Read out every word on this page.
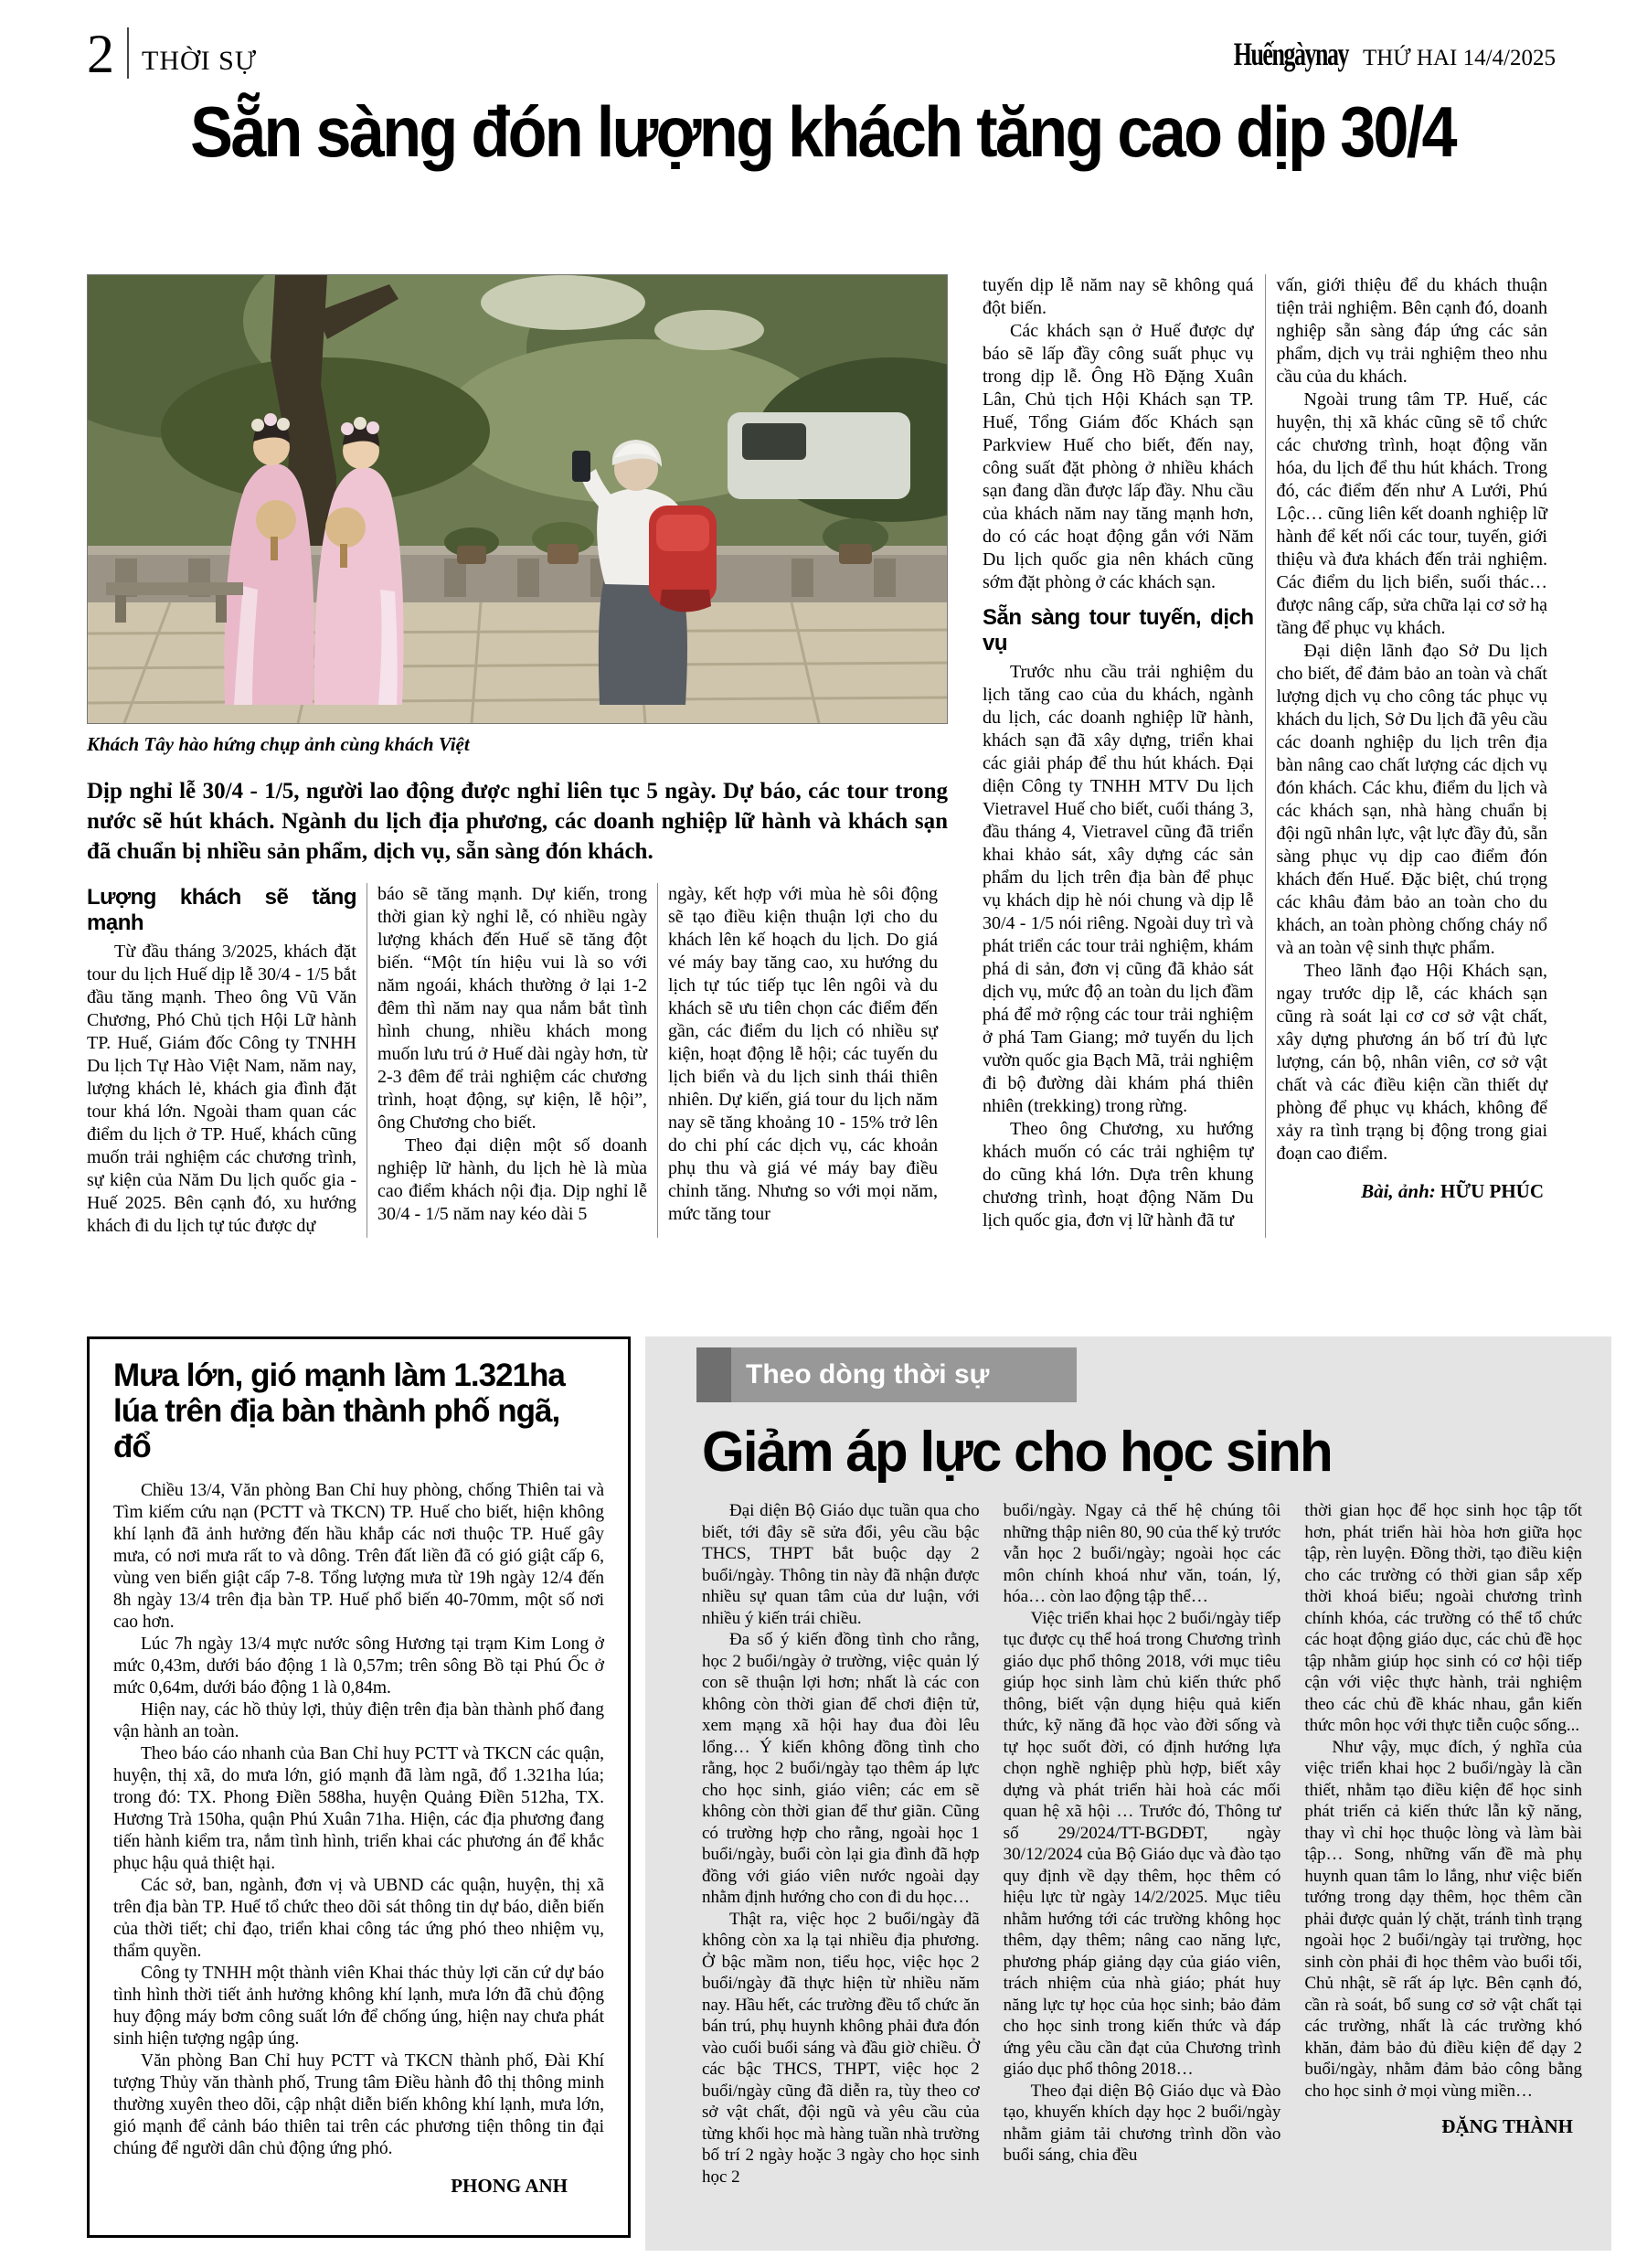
2 THỜI SỰ	Huếngàynay THỨ HAI 14/4/2025
Sẵn sàng đón lượng khách tăng cao dịp 30/4
Khách Tây hào hứng chụp ảnh cùng khách Việt
Dịp nghỉ lễ 30/4 - 1/5, người lao động được nghỉ liên tục 5 ngày. Dự báo, các tour trong nước sẽ hút khách. Ngành du lịch địa phương, các doanh nghiệp lữ hành và khách sạn đã chuẩn bị nhiều sản phẩm, dịch vụ, sẵn sàng đón khách.
Lượng khách sẽ tăng mạnh

Từ đầu tháng 3/2025, khách đặt tour du lịch Huế dịp lễ 30/4 - 1/5 bắt đầu tăng mạnh. Theo ông Vũ Văn Chương, Phó Chủ tịch Hội Lữ hành TP. Huế, Giám đốc Công ty TNHH Du lịch Tự Hào Việt Nam, năm nay, lượng khách lẻ, khách gia đình đặt tour khá lớn. Ngoài tham quan các điểm du lịch ở TP. Huế, khách cũng muốn trải nghiệm các chương trình, sự kiện của Năm Du lịch quốc gia - Huế 2025. Bên cạnh đó, xu hướng khách đi du lịch tự túc được dự

báo sẽ tăng mạnh. Dự kiến, trong thời gian kỳ nghỉ lễ, có nhiều ngày lượng khách đến Huế sẽ tăng đột biến. “Một tín hiệu vui là so với năm ngoái, khách thường ở lại 1-2 đêm thì năm nay qua nắm bắt tình hình chung, nhiều khách mong muốn lưu trú ở Huế dài ngày hơn, từ 2-3 đêm để trải nghiệm các chương trình, hoạt động, sự kiện, lễ hội”, ông Chương cho biết.

Theo đại diện một số doanh nghiệp lữ hành, du lịch hè là mùa cao điểm khách nội địa. Dịp nghỉ lễ 30/4 - 1/5 năm nay kéo dài 5

ngày, kết hợp với mùa hè sôi động sẽ tạo điều kiện thuận lợi cho du khách lên kế hoạch du lịch. Do giá vé máy bay tăng cao, xu hướng du lịch tự túc tiếp tục lên ngôi và du khách sẽ ưu tiên chọn các điểm đến gần, các điểm du lịch có nhiều sự kiện, hoạt động lễ hội; các tuyến du lịch biển và du lịch sinh thái thiên nhiên. Dự kiến, giá tour du lịch năm nay sẽ tăng khoảng 10 - 15% trở lên do chi phí các dịch vụ, các khoản phụ thu và giá vé máy bay điều chỉnh tăng. Nhưng so với mọi năm, mức tăng tour

tuyến dịp lễ năm nay sẽ không quá đột biến.

Các khách sạn ở Huế được dự báo sẽ lấp đầy công suất phục vụ trong dịp lễ. Ông Hồ Đặng Xuân Lân, Chủ tịch Hội Khách sạn TP. Huế, Tổng Giám đốc Khách sạn Parkview Huế cho biết, đến nay, công suất đặt phòng ở nhiều khách sạn đang dần được lấp đầy. Nhu cầu của khách năm nay tăng mạnh hơn, do có các hoạt động gắn với Năm Du lịch quốc gia nên khách cũng sớm đặt phòng ở các khách sạn.

Sẵn sàng tour tuyến, dịch vụ

Trước nhu cầu trải nghiệm du lịch tăng cao của du khách, ngành du lịch, các doanh nghiệp lữ hành, khách sạn đã xây dựng, triển khai các giải pháp để thu hút khách. Đại diện Công ty TNHH MTV Du lịch Vietravel Huế cho biết, cuối tháng 3, đầu tháng 4, Vietravel cũng đã triển khai khảo sát, xây dựng các sản phẩm du lịch trên địa bàn để phục vụ khách dịp hè nói chung và dịp lễ 30/4 - 1/5 nói riêng. Ngoài duy trì và phát triển các tour trải nghiệm, khám phá di sản, đơn vị cũng đã khảo sát dịch vụ, mức độ an toàn du lịch đầm phá để mở rộng các tour trải nghiệm ở phá Tam Giang; mở tuyến du lịch vườn quốc gia Bạch Mã, trải nghiệm đi bộ đường dài khám phá thiên nhiên (trekking) trong rừng.

Theo ông Chương, xu hướng khách muốn có các trải nghiệm tự do cũng khá lớn. Dựa trên khung chương trình, hoạt động Năm Du lịch quốc gia, đơn vị lữ hành đã tư

vấn, giới thiệu để du khách thuận tiện trải nghiệm. Bên cạnh đó, doanh nghiệp sẵn sàng đáp ứng các sản phẩm, dịch vụ trải nghiệm theo nhu cầu của du khách.

Ngoài trung tâm TP. Huế, các huyện, thị xã khác cũng sẽ tổ chức các chương trình, hoạt động văn hóa, du lịch để thu hút khách. Trong đó, các điểm đến như A Lưới, Phú Lộc… cũng liên kết doanh nghiệp lữ hành để kết nối các tour, tuyến, giới thiệu và đưa khách đến trải nghiệm. Các điểm du lịch biển, suối thác… được nâng cấp, sửa chữa lại cơ sở hạ tầng để phục vụ khách.

Đại diện lãnh đạo Sở Du lịch cho biết, để đảm bảo an toàn và chất lượng dịch vụ cho công tác phục vụ khách du lịch, Sở Du lịch đã yêu cầu các doanh nghiệp du lịch trên địa bàn nâng cao chất lượng các dịch vụ đón khách. Các khu, điểm du lịch và các khách sạn, nhà hàng chuẩn bị đội ngũ nhân lực, vật lực đầy đủ, sẵn sàng phục vụ dịp cao điểm đón khách đến Huế. Đặc biệt, chú trọng các khâu đảm bảo an toàn cho du khách, an toàn phòng chống cháy nổ và an toàn vệ sinh thực phẩm.

Theo lãnh đạo Hội Khách sạn, ngay trước dịp lễ, các khách sạn cũng rà soát lại cơ cơ sở vật chất, xây dựng phương án bố trí đủ lực lượng, cán bộ, nhân viên, cơ sở vật chất và các điều kiện cần thiết dự phòng để phục vụ khách, không để xảy ra tình trạng bị động trong giai đoạn cao điểm.

Bài, ảnh: HỮU PHÚC
Mưa lớn, gió mạnh làm 1.321ha lúa trên địa bàn thành phố ngã, đổ

Chiều 13/4, Văn phòng Ban Chỉ huy phòng, chống Thiên tai và Tìm kiếm cứu nạn (PCTT và TKCN) TP. Huế cho biết, hiện không khí lạnh đã ảnh hưởng đến hầu khắp các nơi thuộc TP. Huế gây mưa, có nơi mưa rất to và dông. Trên đất liền đã có gió giật cấp 6, vùng ven biển giật cấp 7-8. Tổng lượng mưa từ 19h ngày 12/4 đến 8h ngày 13/4 trên địa bàn TP. Huế phổ biến 40-70mm, một số nơi cao hơn.

Lúc 7h ngày 13/4 mực nước sông Hương tại trạm Kim Long ở mức 0,43m, dưới báo động 1 là 0,57m; trên sông Bồ tại Phú Ốc ở mức 0,64m, dưới báo động 1 là 0,84m.

Hiện nay, các hồ thủy lợi, thủy điện trên địa bàn thành phố đang vận hành an toàn.

Theo báo cáo nhanh của Ban Chỉ huy PCTT và TKCN các quận, huyện, thị xã, do mưa lớn, gió mạnh đã làm ngã, đổ 1.321ha lúa; trong đó: TX. Phong Điền 588ha, huyện Quảng Điền 512ha, TX. Hương Trà 150ha, quận Phú Xuân 71ha. Hiện, các địa phương đang tiến hành kiểm tra, nắm tình hình, triển khai các phương án để khắc phục hậu quả thiệt hại.

Các sở, ban, ngành, đơn vị và UBND các quận, huyện, thị xã trên địa bàn TP. Huế tổ chức theo dõi sát thông tin dự báo, diễn biến của thời tiết; chỉ đạo, triển khai công tác ứng phó theo nhiệm vụ, thẩm quyền.

Công ty TNHH một thành viên Khai thác thủy lợi căn cứ dự báo tình hình thời tiết ảnh hưởng không khí lạnh, mưa lớn đã chủ động huy động máy bơm công suất lớn để chống úng, hiện nay chưa phát sinh hiện tượng ngập úng.

Văn phòng Ban Chỉ huy PCTT và TKCN thành phố, Đài Khí tượng Thủy văn thành phố, Trung tâm Điều hành đô thị thông minh thường xuyên theo dõi, cập nhật diễn biến không khí lạnh, mưa lớn, gió mạnh để cảnh báo thiên tai trên các phương tiện thông tin đại chúng để người dân chủ động ứng phó.

PHONG ANH
Theo dòng thời sự
Giảm áp lực cho học sinh

Đại diện Bộ Giáo dục tuần qua cho biết, tới đây sẽ sửa đổi, yêu cầu bậc THCS, THPT bắt buộc dạy 2 buổi/ngày. Thông tin này đã nhận được nhiều sự quan tâm của dư luận, với nhiều ý kiến trái chiều.

Đa số ý kiến đồng tình cho rằng, học 2 buổi/ngày ở trường, việc quản lý con sẽ thuận lợi hơn; nhất là các con không còn thời gian để chơi điện tử, xem mạng xã hội hay đua đòi lêu lổng… Ý kiến không đồng tình cho rằng, học 2 buổi/ngày tạo thêm áp lực cho học sinh, giáo viên; các em sẽ không còn thời gian để thư giãn. Cũng có trường hợp cho rằng, ngoài học 1 buổi/ngày, buổi còn lại gia đình đã hợp đồng với giáo viên nước ngoài dạy nhằm định hướng cho con đi du học…

Thật ra, việc học 2 buổi/ngày đã không còn xa lạ tại nhiều địa phương. Ở bậc mầm non, tiểu học, việc học 2 buổi/ngày đã thực hiện từ nhiều năm nay. Hầu hết, các trường đều tổ chức ăn bán trú, phụ huynh không phải đưa đón vào cuối buổi sáng và đầu giờ chiều. Ở các bậc THCS, THPT, việc học 2 buổi/ngày cũng đã diễn ra, tùy theo cơ sở vật chất, đội ngũ và yêu cầu của từng khối học mà hàng tuần nhà trường bố trí 2 ngày hoặc 3 ngày cho học sinh học 2

buổi/ngày. Ngay cả thế hệ chúng tôi những thập niên 80, 90 của thế kỷ trước vẫn học 2 buổi/ngày; ngoài học các môn chính khoá như văn, toán, lý, hóa… còn lao động tập thể…

Việc triển khai học 2 buổi/ngày tiếp tục được cụ thể hoá trong Chương trình giáo dục phổ thông 2018, với mục tiêu giúp học sinh làm chủ kiến thức phổ thông, biết vận dụng hiệu quả kiến thức, kỹ năng đã học vào đời sống và tự học suốt đời, có định hướng lựa chọn nghề nghiệp phù hợp, biết xây dựng và phát triển hài hoà các mối quan hệ xã hội … Trước đó, Thông tư số 29/2024/TT-BGDĐT, ngày 30/12/2024 của Bộ Giáo dục và đào tạo quy định về dạy thêm, học thêm có hiệu lực từ ngày 14/2/2025. Mục tiêu nhằm hướng tới các trường không học thêm, dạy thêm; nâng cao năng lực, phương pháp giảng dạy của giáo viên, trách nhiệm của nhà giáo; phát huy năng lực tự học của học sinh; bảo đảm cho học sinh trong kiến thức và đáp ứng yêu cầu cần đạt của Chương trình giáo dục phổ thông 2018…

Theo đại diện Bộ Giáo dục và Đào tạo, khuyến khích dạy học 2 buổi/ngày nhằm giảm tải chương trình dồn vào buổi sáng, chia đều

thời gian học để học sinh học tập tốt hơn, phát triển hài hòa hơn giữa học tập, rèn luyện. Đồng thời, tạo điều kiện cho các trường có thời gian sắp xếp thời khoá biểu; ngoài chương trình chính khóa, các trường có thể tổ chức các hoạt động giáo dục, các chủ đề học tập nhằm giúp học sinh có cơ hội tiếp cận với việc thực hành, trải nghiệm theo các chủ đề khác nhau, gắn kiến thức môn học với thực tiễn cuộc sống...

Như vậy, mục đích, ý nghĩa của việc triển khai học 2 buổi/ngày là cần thiết, nhằm tạo điều kiện để học sinh phát triển cả kiến thức lẫn kỹ năng, thay vì chỉ học thuộc lòng và làm bài tập… Song, những vấn đề mà phụ huynh quan tâm lo lắng, như việc biến tướng trong dạy thêm, học thêm cần phải được quản lý chặt, tránh tình trạng ngoài học 2 buổi/ngày tại trường, học sinh còn phải đi học thêm vào buổi tối, Chủ nhật, sẽ rất áp lực. Bên cạnh đó, cần rà soát, bổ sung cơ sở vật chất tại các trường, nhất là các trường khó khăn, đảm bảo đủ điều kiện để dạy 2 buổi/ngày, nhằm đảm bảo công bằng cho học sinh ở mọi vùng miền…

ĐẶNG THÀNH
